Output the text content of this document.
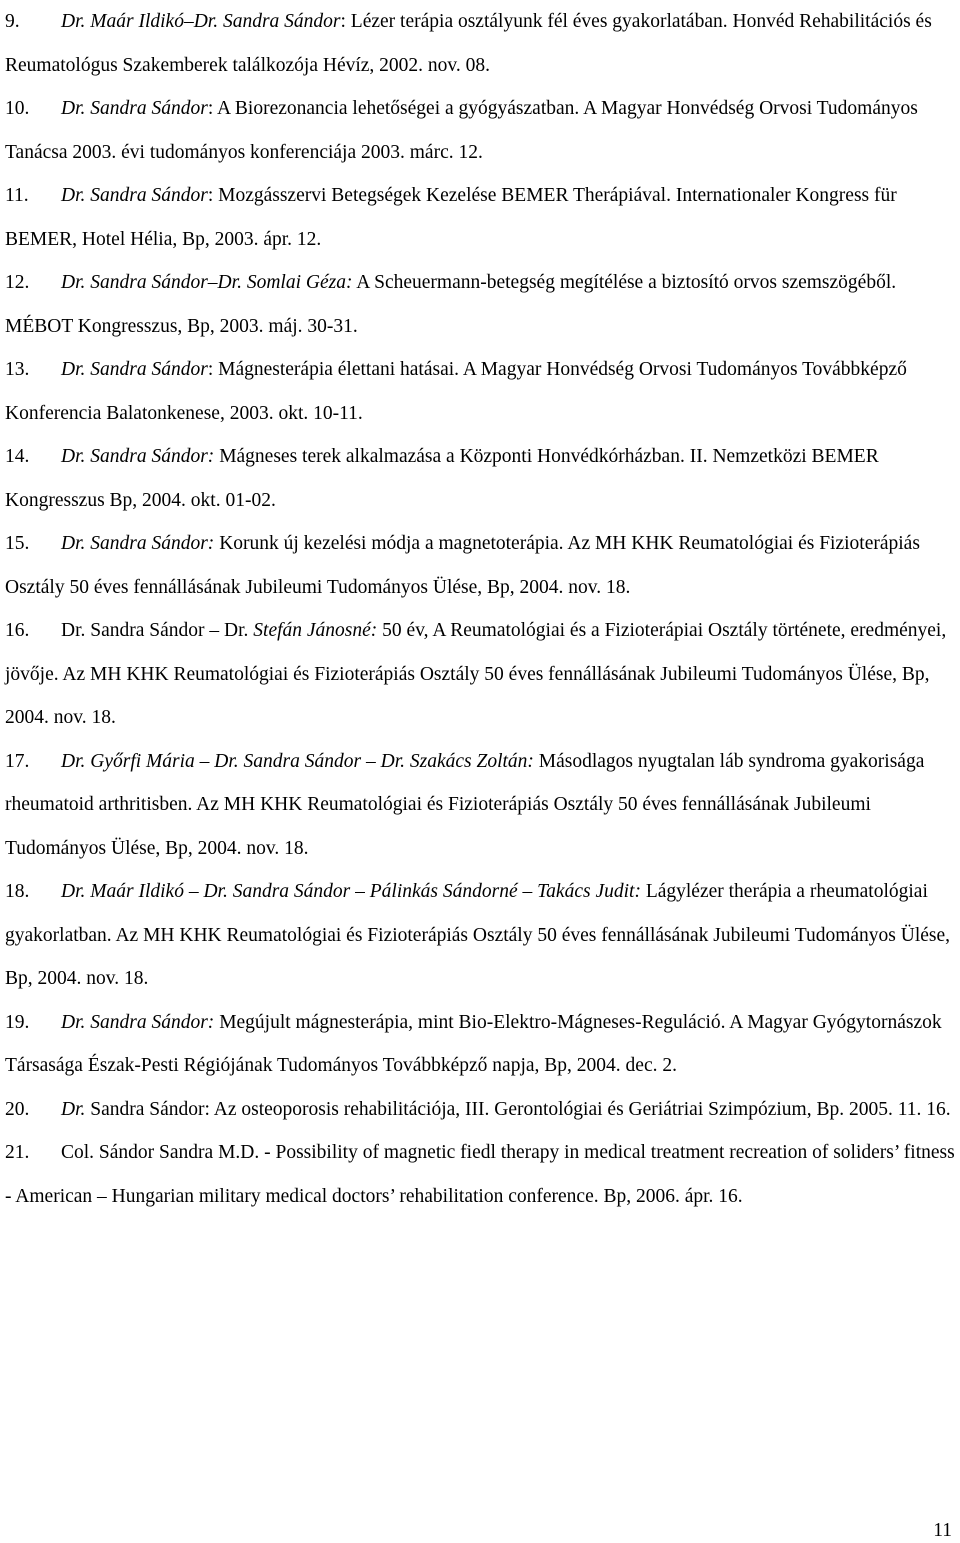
9. Dr. Maár Ildikó–Dr. Sandra Sándor: Lézer terápia osztályunk fél éves gyakorlatában. Honvéd Rehabilitációs és Reumatológus Szakemberek találkozója Hévíz, 2002. nov. 08.

10. Dr. Sandra Sándor: A Biorezonancia lehetőségei a gyógyászatban. A Magyar Honvédség Orvosi Tudományos Tanácsa 2003. évi tudományos konferenciája 2003. márc. 12.

11. Dr. Sandra Sándor: Mozgásszervi Betegségek Kezelése BEMER Therápiával. Internationaler Kongress für BEMER, Hotel Hélia, Bp, 2003. ápr. 12.

12. Dr. Sandra Sándor–Dr. Somlai Géza: A Scheuermann-betegség megítélése a biztosító orvos szemszögéből. MÉBOT Kongresszus, Bp, 2003. máj. 30-31.

13. Dr. Sandra Sándor: Mágnesterápia élettani hatásai. A Magyar Honvédség Orvosi Tudományos Továbbképző Konferencia Balatonkenese, 2003. okt. 10-11.

14. Dr. Sandra Sándor: Mágneses terek alkalmazása a Központi Honvédkórházban. II. Nemzetközi BEMER Kongresszus Bp, 2004. okt. 01-02.

15. Dr. Sandra Sándor: Korunk új kezelési módja a magnetoterápia. Az MH KHK Reumatológiai és Fizioterápiás Osztály 50 éves fennállásának Jubileumi Tudományos Ülése, Bp, 2004. nov. 18.

16. Dr. Sandra Sándor – Dr. Stefán Jánosné: 50 év, A Reumatológiai és a Fizioterápiai Osztály története, eredményei, jövője. Az MH KHK Reumatológiai és Fizioterápiás Osztály 50 éves fennállásának Jubileumi Tudományos Ülése, Bp, 2004. nov. 18.

17. Dr. Győrfi Mária – Dr. Sandra Sándor – Dr. Szakács Zoltán: Másodlagos nyugtalan láb syndroma gyakorisága rheumatoid arthritisben. Az MH KHK Reumatológiai és Fizioterápiás Osztály 50 éves fennállásának Jubileumi Tudományos Ülése, Bp, 2004. nov. 18.

18. Dr. Maár Ildikó – Dr. Sandra Sándor – Pálinkás Sándorné – Takács Judit: Lágylézer therápia a rheumatológiai gyakorlatban. Az MH KHK Reumatológiai és Fizioterápiás Osztály 50 éves fennállásának Jubileumi Tudományos Ülése, Bp, 2004. nov. 18.

19. Dr. Sandra Sándor: Megújult mágnesterápia, mint Bio-Elektro-Mágneses-Reguláció. A Magyar Gyógytornászok Társasága Észak-Pesti Régiójának Tudományos Továbbképző napja, Bp, 2004. dec. 2.

20. Dr. Sandra Sándor: Az osteoporosis rehabilitációja, III. Gerontológiai és Geriátriai Szimpózium, Bp. 2005. 11. 16.

21. Col. Sándor Sandra M.D. - Possibility of magnetic fiedl therapy in medical treatment recreation of soliders’ fitness - American – Hungarian military medical doctors’ rehabilitation conference. Bp, 2006. ápr. 16.

11
